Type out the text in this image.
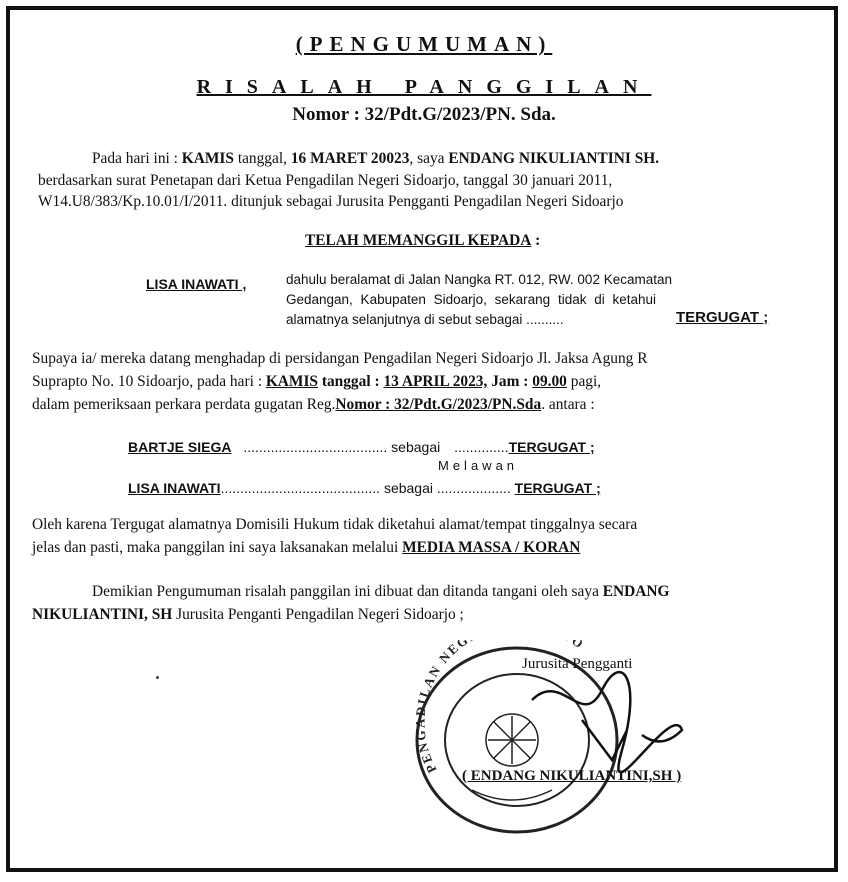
(PENGUMUMAN)
RISALAH PANGGILAN
Nomor : 32/Pdt.G/2023/PN. Sda.
Pada hari ini : KAMIS tanggal, 16 MARET 20023, saya ENDANG NIKULIANTINI SH.
berdasarkan surat Penetapan dari Ketua Pengadilan Negeri Sidoarjo, tanggal 30 januari 2011,
W14.U8/383/Kp.10.01/I/2011. ditunjuk sebagai Jurusita Pengganti Pengadilan Negeri Sidoarjo
TELAH MEMANGGIL KEPADA :
LISA INAWATI ,	dahulu beralamat di Jalan Nangka RT. 012, RW. 002 Kecamatan
Gedangan, Kabupaten Sidoarjo, sekarang tidak di ketahui
alamatnya selanjutnya di sebut sebagai ..........	TERGUGAT ;
Supaya ia/ mereka datang menghadap di persidangan Pengadilan Negeri Sidoarjo Jl. Jaksa Agung R
Suprapto No. 10 Sidoarjo, pada hari : KAMIS tanggal : 13 APRIL 2023, Jam : 09.00 pagi,
dalam pemeriksaan perkara perdata gugatan Reg.Nomor : 32/Pdt.G/2023/PN.Sda. antara :
BARTJE SIEGA ..................................... sebagai ..............TERGUGAT ;
Melawan
LISA INAWATI......................................... sebagai ................... TERGUGAT ;
Oleh karena Tergugat alamatnya Domisili Hukum tidak diketahui alamat/tempat tinggalnya secara
jelas dan pasti, maka panggilan ini saya laksanakan melalui MEDIA MASSA / KORAN
Demikian Pengumuman risalah panggilan ini dibuat dan ditanda tangani oleh saya ENDANG
NIKULIANTINI, SH Jurusita Penganti Pengadilan Negeri Sidoarjo ;
PENGADILAN NEG O
Jurusita Pengganti
( ENDANG NIKULIANTINI,SH )
